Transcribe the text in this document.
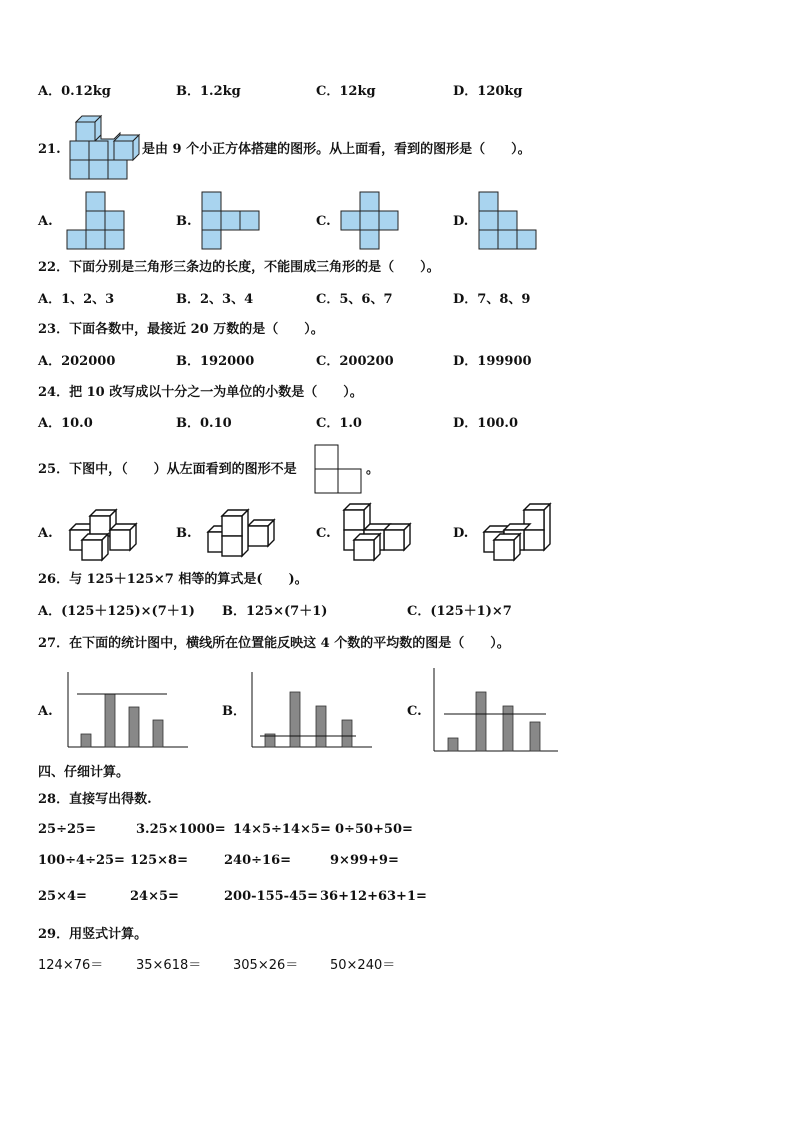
A．0.12kg	B．1.2kg	C．12kg	D．120kg
21.	是由 9 个小正方体搭建的图形。从上面看，看到的图形是（　　）。
A.	B.	C.	D.
22．下面分别是三角形三条边的长度，不能围成三角形的是（　　）。
A．1、2、3	B．2、3、4	C．5、6、7	D．7、8、9
23．下面各数中，最接近 20 万数的是（　　）。
A．202000	B．192000	C．200200	D．199900
24．把 10 改写成以十分之一为单位的小数是（　　）。
A．10.0	B．0.10	C．1.0	D．100.0
25．下图中，（　　）从左面看到的图形不是	。
A.	B.	C.	D.
26．与 125＋125×7 相等的算式是(　　)。
A．(125＋125)×(7＋1) B．125×(7＋1)	C．(125＋1)×7
27．在下面的统计图中，横线所在位置能反映这 4 个数的平均数的图是（　　）。
A.	B．	C.
四、仔细计算。
28．直接写出得数.
25÷25=	3.25×1000= 14×5÷14×5= 0÷50+50=
100÷4÷25= 125×8=	240÷16=	9×99+9=
25×4=	24×5=	200-155-45= 36+12+63+1=
29．用竖式计算。
124×76＝	35×618＝ 305×26＝ 50×240＝
